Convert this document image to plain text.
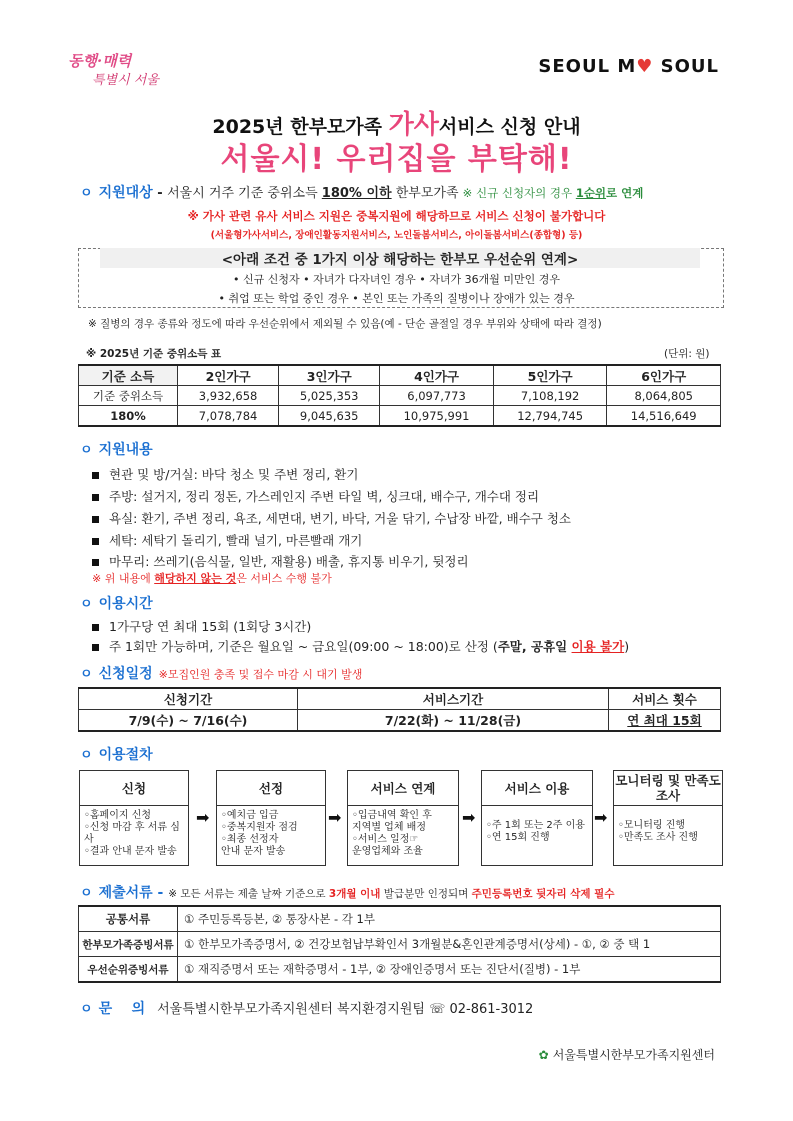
동행·매력
특별시 서울
SEOUL M♥ SOUL
2025년 한부모가족 가사서비스 신청 안내
서울시! 우리집을 부탁해!
ㅇ 지원대상 - 서울시 거주 기준 중위소득 180% 이하 한부모가족 ※ 신규 신청자의 경우 1순위로 연계
※ 가사 관련 유사 서비스 지원은 중복지원에 해당하므로 서비스 신청이 불가합니다
(서울형가사서비스, 장애인활동지원서비스, 노인돌봄서비스, 아이돌봄서비스(종합형) 등)
<아래 조건 중 1가지 이상 해당하는 한부모 우선순위 연계>
• 신규 신청자 • 자녀가 다자녀인 경우 • 자녀가 36개월 미만인 경우
• 취업 또는 학업 중인 경우 • 본인 또는 가족의 질병이나 장애가 있는 경우
※ 질병의 경우 종류와 정도에 따라 우선순위에서 제외될 수 있음(예 - 단순 골절일 경우 부위와 상태에 따라 결정)
※ 2025년 기준 중위소득 표	(단위: 원)
기준 소득	2인가구	3인가구	4인가구	5인가구	6인가구
기준 중위소득	3,932,658	5,025,353	6,097,773	7,108,192	8,064,805
180%	7,078,784	9,045,635	10,975,991	12,794,745	14,516,649
ㅇ 지원내용
현관 및 방/거실: 바닥 청소 및 주변 정리, 환기
주방: 설거지, 정리 정돈, 가스레인지 주변 타일 벽, 싱크대, 배수구, 개수대 정리
욕실: 환기, 주변 정리, 욕조, 세면대, 변기, 바닥, 거울 닦기, 수납장 바깥, 배수구 청소
세탁: 세탁기 돌리기, 빨래 널기, 마른빨래 개기
마무리: 쓰레기(음식물, 일반, 재활용) 배출, 휴지통 비우기, 뒷정리
※ 위 내용에 해당하지 않는 것은 서비스 수행 불가
ㅇ 이용시간
1가구당 연 최대 15회 (1회당 3시간)
주 1회만 가능하며, 기준은 월요일 ~ 금요일(09:00 ~ 18:00)로 산정 (주말, 공휴일 이용 불가)
ㅇ 신청일정 ※모집인원 충족 및 접수 마감 시 대기 발생
신청기간	서비스기간	서비스 횟수
7/9(수) ~ 7/16(수)	7/22(화) ~ 11/28(금)	연 최대 15회
ㅇ 이용절차
신청
◦홈페이지 신청
◦신청 마감 후 서류 심사
◦결과 안내 문자 발송
➡
선정
◦예치금 입금
◦중복지원자 점검
◦최종 선정자
안내 문자 발송
➡
서비스 연계
◦입금내역 확인 후
지역별 업체 배정
◦서비스 일정☞
운영업체와 조율
➡
서비스 이용
◦주 1회 또는 2주 이용
◦연 15회 진행
➡
모니터링 및 만족도 조사
◦모니터링 진행
◦만족도 조사 진행
ㅇ 제출서류 - ※ 모든 서류는 제출 날짜 기준으로 3개월 이내 발급분만 인정되며 주민등록번호 뒷자리 삭제 필수
공통서류	① 주민등록등본, ② 통장사본 - 각 1부
한부모가족증빙서류	① 한부모가족증명서, ② 건강보험납부확인서 3개월분&혼인관계증명서(상세) - ①, ② 중 택 1
우선순위증빙서류	① 재직증명서 또는 재학증명서 - 1부, ② 장애인증명서 또는 진단서(질병) - 1부
ㅇ 문    의 서울특별시한부모가족지원센터 복지환경지원팀 ☏ 02-861-3012
✿ 서울특별시한부모가족지원센터
